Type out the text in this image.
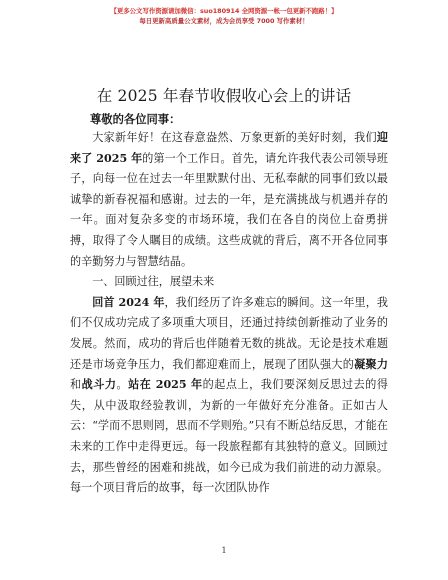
【更多公文写作资源请加微信：suo180914 全网资源一帐一包更新不跑路！】
每日更新高质量公文素材，成为会员享受 7000 写作素材！
在 2025 年春节收假收心会上的讲话
尊敬的各位同事：

大家新年好！在这春意盎然、万象更新的美好时刻，我们迎来了 2025 年的第一个工作日。首先，请允许我代表公司领导班子，向每一位在过去一年里默默付出、无私奉献的同事们致以最诚挚的新春祝福和感谢。过去的一年，是充满挑战与机遇并存的一年。面对复杂多变的市场环境，我们在各自的岗位上奋勇拼搏，取得了令人瞩目的成绩。这些成就的背后，离不开各位同事的辛勤努力与智慧结晶。

一、回顾过往，展望未来

回首 2024 年，我们经历了许多难忘的瞬间。这一年里，我们不仅成功完成了多项重大项目，还通过持续创新推动了业务的发展。然而，成功的背后也伴随着无数的挑战。无论是技术难题还是市场竞争压力，我们都迎难而上，展现了团队强大的凝聚力和战斗力。站在 2025 年的起点上，我们要深刻反思过去的得失，从中汲取经验教训，为新的一年做好充分准备。正如古人云：“学而不思则罔，思而不学则殆。”只有不断总结反思，才能在未来的工作中走得更远。每一段旅程都有其独特的意义。回顾过去，那些曾经的困难和挑战，如今已成为我们前进的动力源泉。每一个项目背后的故事，每一次团队协作

1
